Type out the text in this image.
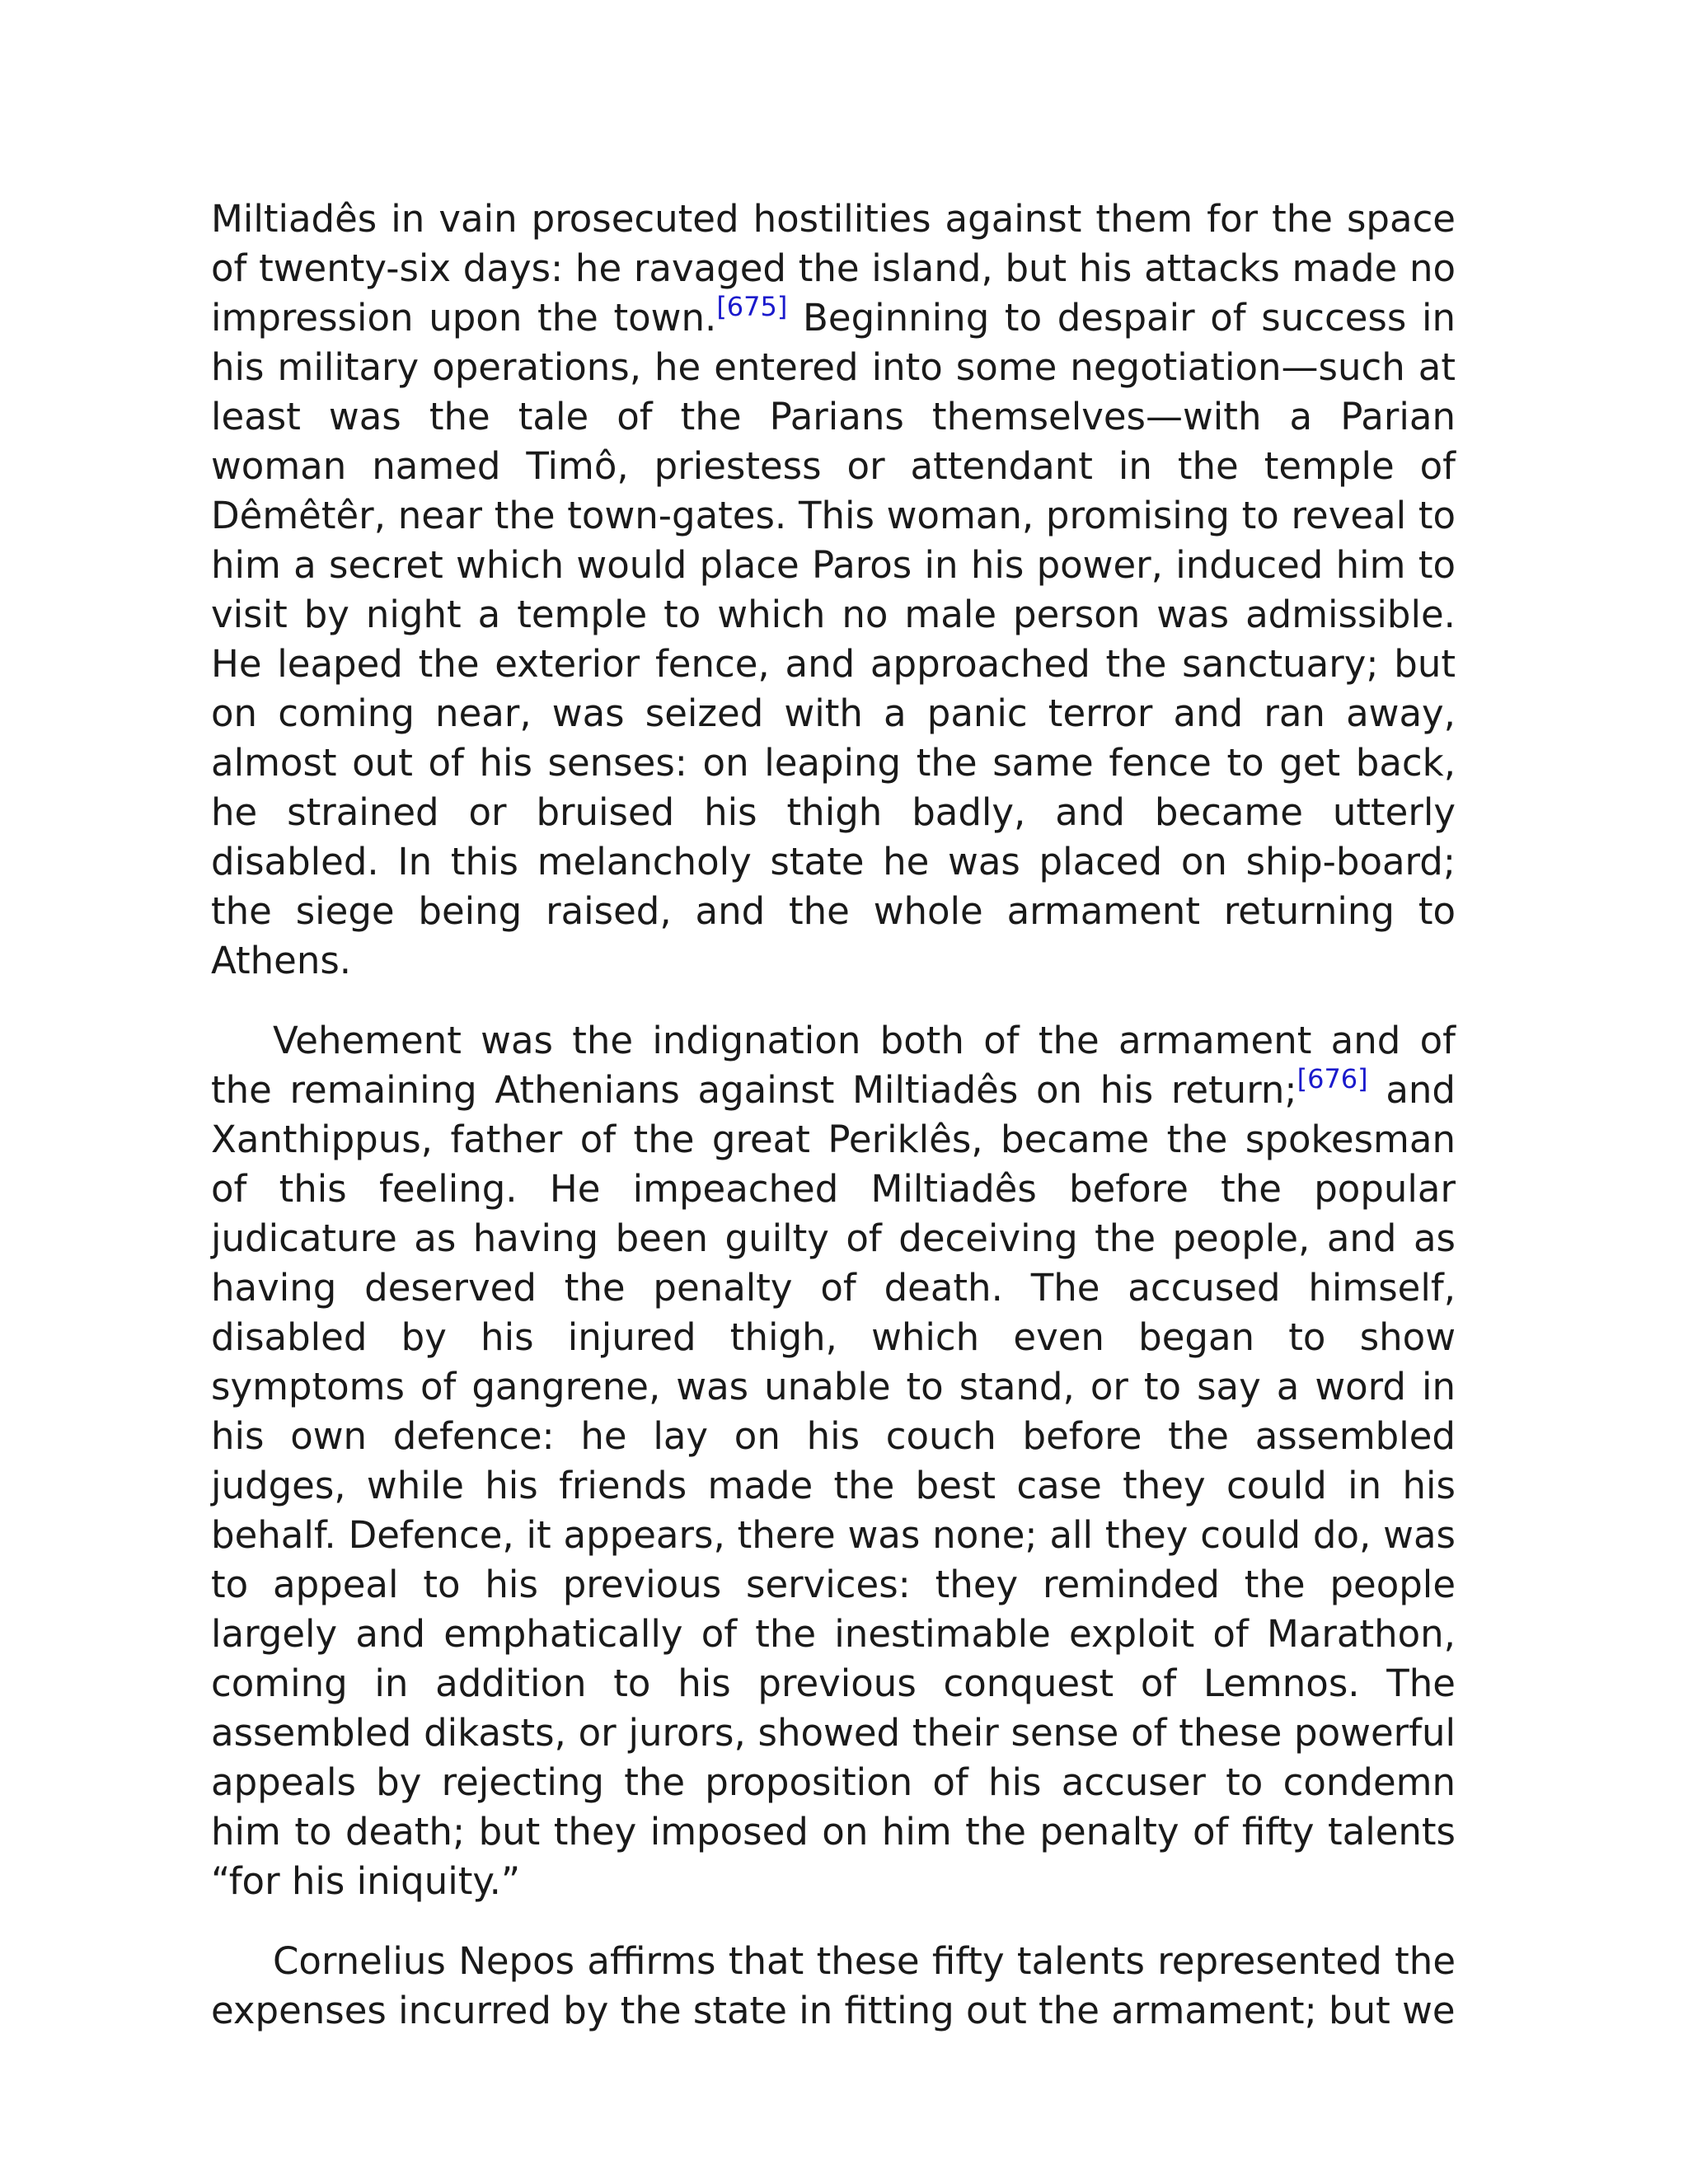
Miltiadês in vain prosecuted hostilities against them for the space of twenty-six days: he ravaged the island, but his attacks made no impression upon the town.[675] Beginning to despair of success in his military operations, he entered into some negotiation—such at least was the tale of the Parians themselves—with a Parian woman named Timô, priestess or attendant in the temple of Dêmêtêr, near the town-gates. This woman, promising to reveal to him a secret which would place Paros in his power, induced him to visit by night a temple to which no male person was admissible. He leaped the exterior fence, and approached the sanctuary; but on coming near, was seized with a panic terror and ran away, almost out of his senses: on leaping the same fence to get back, he strained or bruised his thigh badly, and became utterly disabled. In this melancholy state he was placed on ship-board; the siege being raised, and the whole armament returning to Athens.

Vehement was the indignation both of the armament and of the remaining Athenians against Miltiadês on his return;[676] and Xanthippus, father of the great Periklês, became the spokesman of this feeling. He impeached Miltiadês before the popular judicature as having been guilty of deceiving the people, and as having deserved the penalty of death. The accused himself, disabled by his injured thigh, which even began to show symptoms of gangrene, was unable to stand, or to say a word in his own defence: he lay on his couch before the assembled judges, while his friends made the best case they could in his behalf. Defence, it appears, there was none; all they could do, was to appeal to his previous services: they reminded the people largely and emphatically of the inestimable exploit of Marathon, coming in addition to his previous conquest of Lemnos. The assembled dikasts, or jurors, showed their sense of these powerful appeals by rejecting the proposition of his accuser to condemn him to death; but they imposed on him the penalty of fifty talents “for his iniquity.”

Cornelius Nepos affirms that these fifty talents represented the expenses incurred by the state in fitting out the armament; but we
